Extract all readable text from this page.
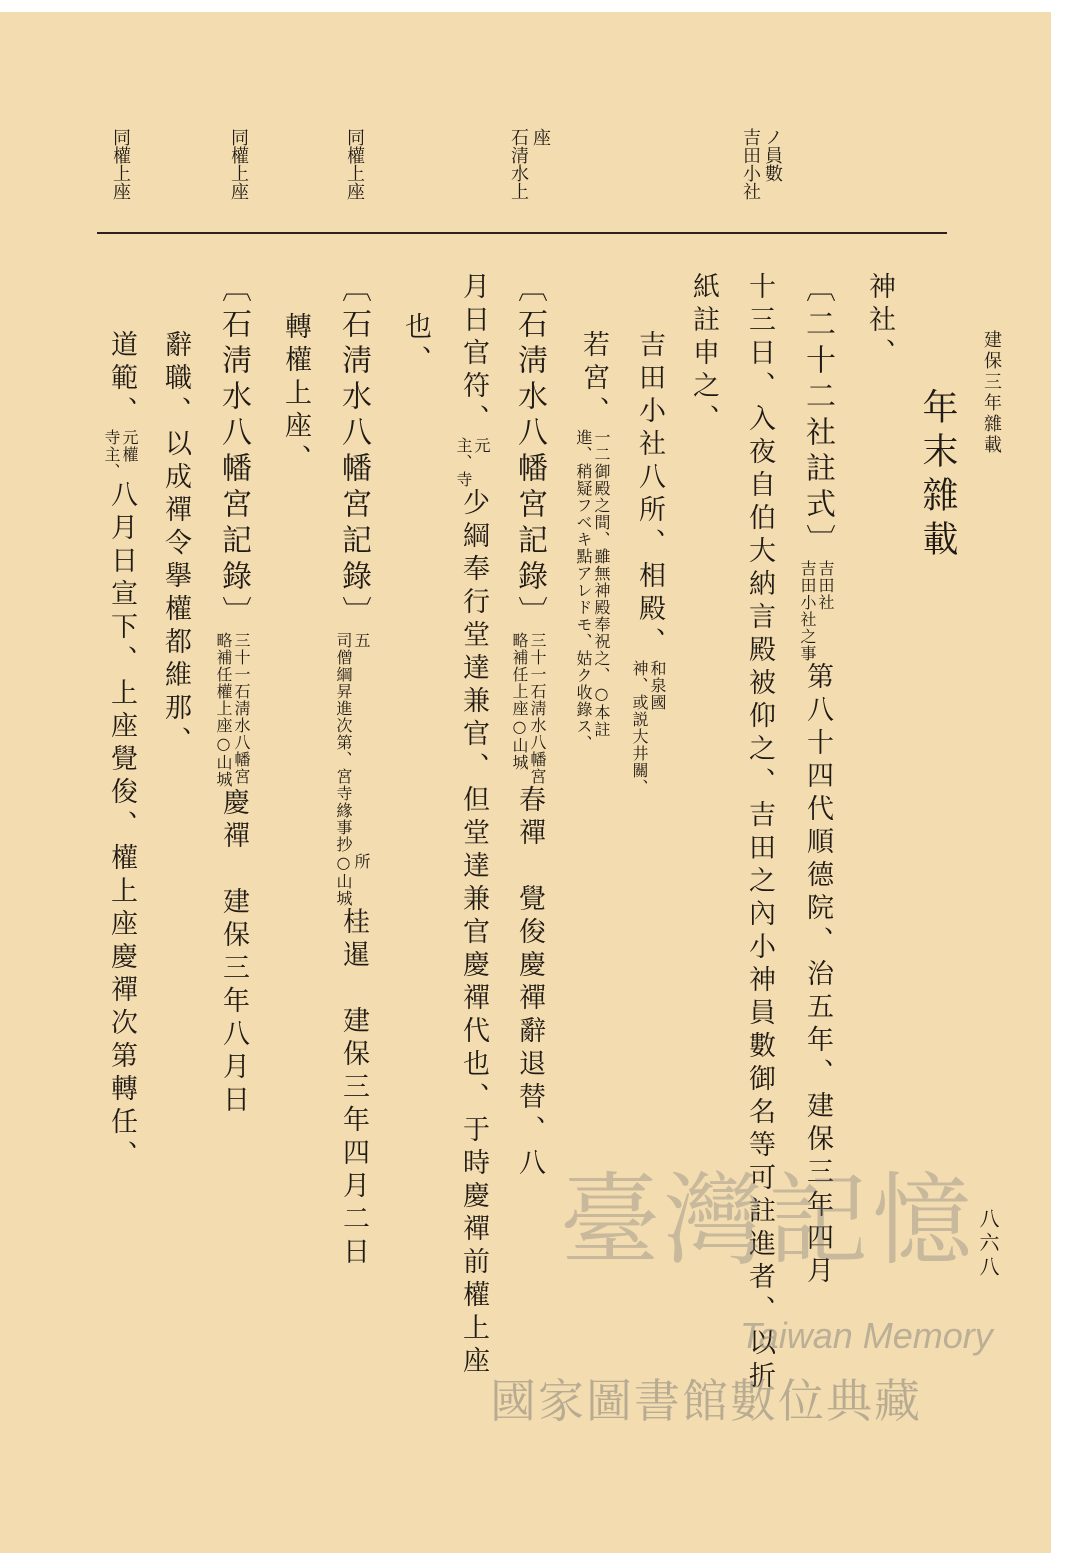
建保三年雜載
八六八
年末雜載
吉田小社ノ員數
石清水上座
同權上座
同權上座
同權上座
神社、
〔二十二社註式〕吉田社
吉田小社之事第八十四代順德院、治五年、建保三年四月
十三日、入夜自伯大納言殿被仰之、吉田之內小神員數御名等可註進者、以折
紙註申之、
吉田小社八所、相殿、和泉國
神、或説大井關、
若宮、一二御殿之間、雖無神殿奉祝之、○本註
進、稍疑フベキ點アレドモ、姑ク收錄ス、
〔石淸水八幡宮記錄〕三十一
略補任石淸水八幡宮
上座○山城春禪　覺俊慶禪辭退替、八
月日官符、元
主、寺少綱奉行堂達兼官、但堂達兼官慶禪代也、于時慶禪前權上座
也、
〔石淸水八幡宮記錄〕五
司僧綱昇進次第、宮寺緣事抄所
○山城桂暹　建保三年四月二日
轉權上座、
〔石淸水八幡宮記錄〕三十一
略補任石淸水八幡宮
權上座○山城慶禪　建保三年八月日
辭職、以成禪令擧權都維那、
道範、元權
寺主、八月日宣下、上座覺俊、權上座慶禪次第轉任、
臺灣記憶
Taiwan Memory
國家圖書館數位典藏
